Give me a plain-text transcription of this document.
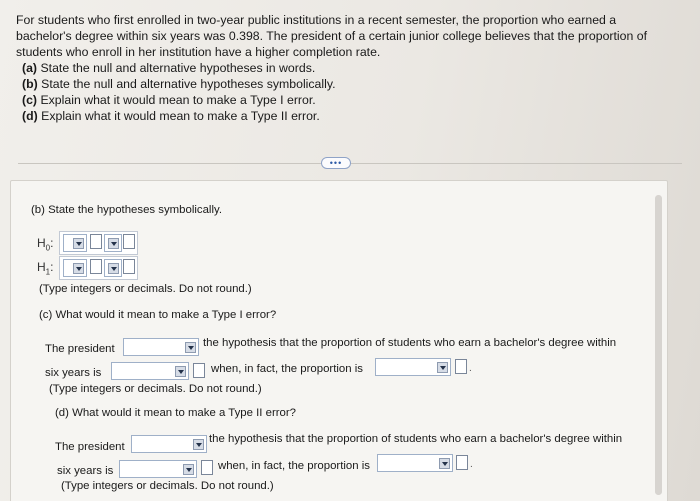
For students who first enrolled in two-year public institutions in a recent semester, the proportion who earned a

bachelor's degree within six years was 0.398. The president of a certain junior college believes that the proportion of

students who enroll in her institution have a higher completion rate.

(a) State the null and alternative hypotheses in words.

(b) State the null and alternative hypotheses symbolically.

(c) Explain what it would mean to make a Type I error.

(d) Explain what it would mean to make a Type II error.

•••
(b) State the hypotheses symbolically.
$H_0$:
$H_1$:
(Type integers or decimals. Do not round.)
(c) What would it mean to make a Type I error?
The president	the hypothesis that the proportion of students who earn a bachelor's degree within
six years is	when, in fact, the proportion is	.
(Type integers or decimals. Do not round.)
(d) What would it mean to make a Type II error?
The president
the hypothesis that the proportion of students who earn a bachelor's degree within
six years is	when, in fact, the proportion is	.
(Type integers or decimals. Do not round.)
